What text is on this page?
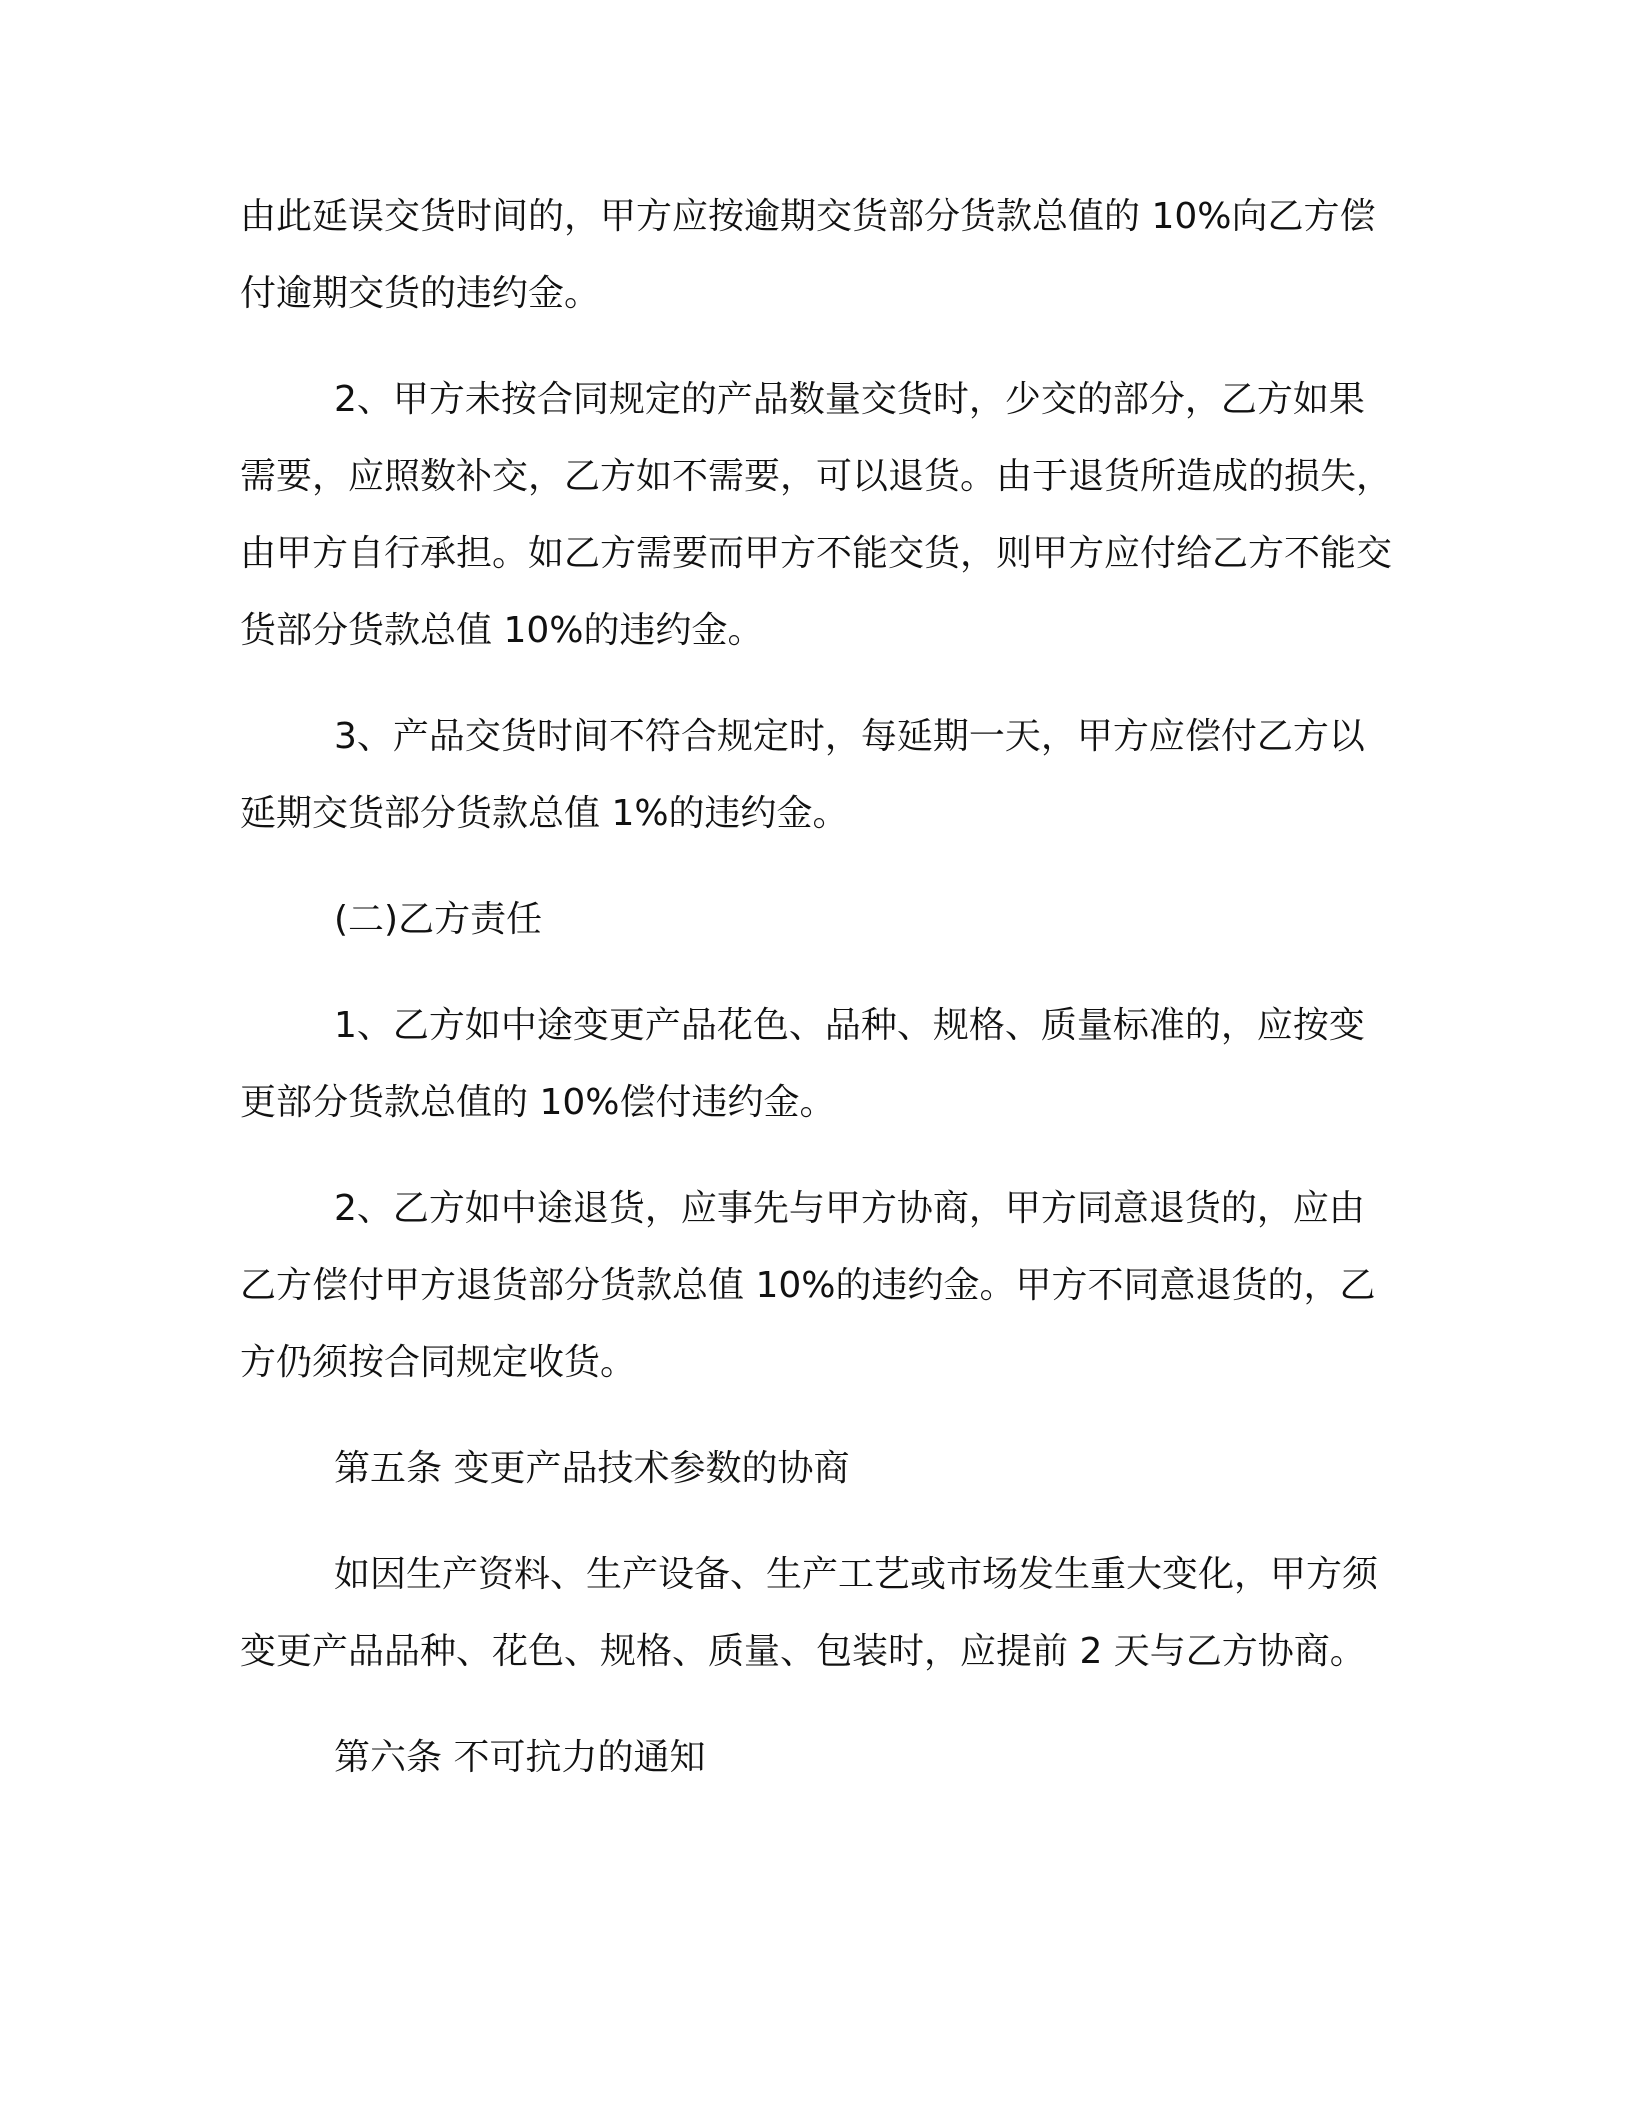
由此延误交货时间的，甲方应按逾期交货部分货款总值的 10%向乙方偿付逾期交货的违约金。

2、甲方未按合同规定的产品数量交货时，少交的部分，乙方如果需要，应照数补交，乙方如不需要，可以退货。由于退货所造成的损失，由甲方自行承担。如乙方需要而甲方不能交货，则甲方应付给乙方不能交货部分货款总值 10%的违约金。

3、产品交货时间不符合规定时，每延期一天，甲方应偿付乙方以延期交货部分货款总值 1%的违约金。

(二)乙方责任

1、乙方如中途变更产品花色、品种、规格、质量标准的，应按变更部分货款总值的 10%偿付违约金。

2、乙方如中途退货，应事先与甲方协商，甲方同意退货的，应由乙方偿付甲方退货部分货款总值 10%的违约金。甲方不同意退货的，乙方仍须按合同规定收货。

第五条 变更产品技术参数的协商

如因生产资料、生产设备、生产工艺或市场发生重大变化，甲方须变更产品品种、花色、规格、质量、包装时，应提前 2 天与乙方协商。

第六条 不可抗力的通知
